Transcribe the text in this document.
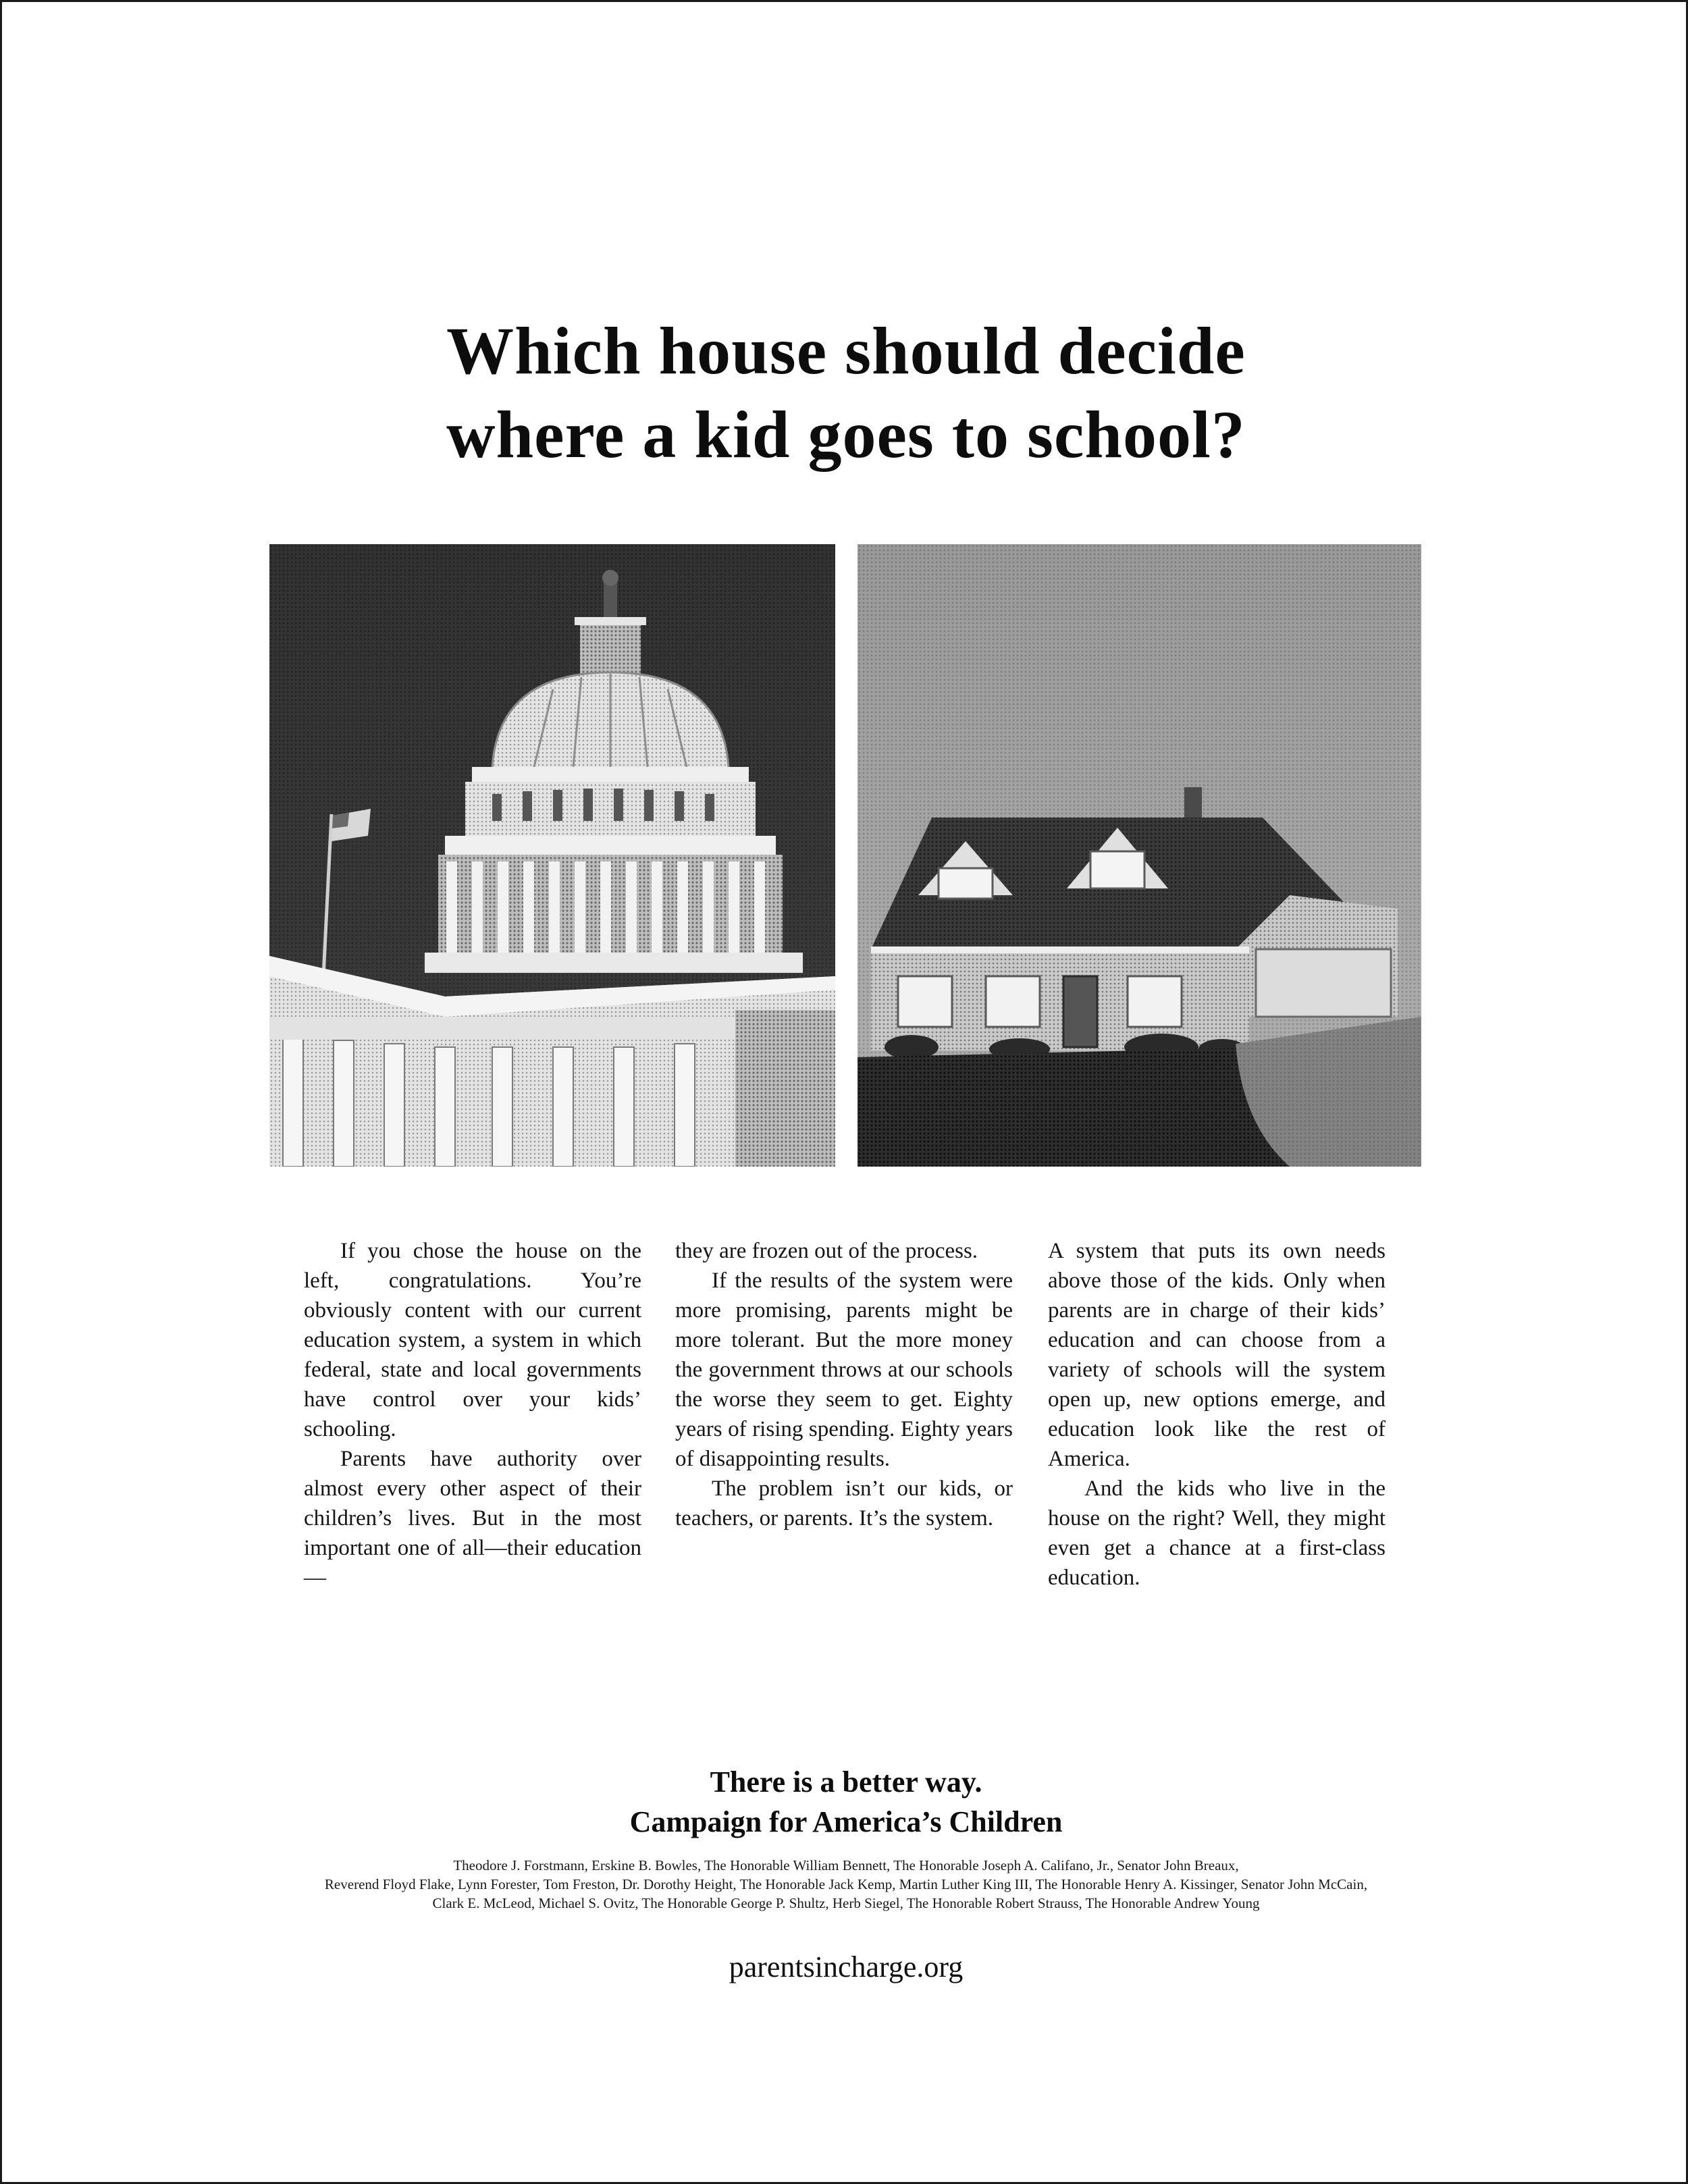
Which house should decide
where a kid goes to school?

If you chose the house on the left, congratulations. You’re obviously content with our current education system, a system in which federal, state and local governments have control over your kids’ schooling.

Parents have authority over almost every other aspect of their children’s lives. But in the most important one of all—their education—

they are frozen out of the process.

If the results of the system were more promising, parents might be more tolerant. But the more money the government throws at our schools the worse they seem to get. Eighty years of rising spending. Eighty years of disappointing results.

The problem isn’t our kids, or teachers, or parents. It’s the system.

A system that puts its own needs above those of the kids. Only when parents are in charge of their kids’ education and can choose from a variety of schools will the system open up, new options emerge, and education look like the rest of America.

And the kids who live in the house on the right? Well, they might even get a chance at a first-class education.

There is a better way.
Campaign for America’s Children
Theodore J. Forstmann, Erskine B. Bowles, The Honorable William Bennett, The Honorable Joseph A. Califano, Jr., Senator John Breaux,
Reverend Floyd Flake, Lynn Forester, Tom Freston, Dr. Dorothy Height, The Honorable Jack Kemp, Martin Luther King III, The Honorable Henry A. Kissinger, Senator John McCain,
Clark E. McLeod, Michael S. Ovitz, The Honorable George P. Shultz, Herb Siegel, The Honorable Robert Strauss, The Honorable Andrew Young
parentsincharge.org
